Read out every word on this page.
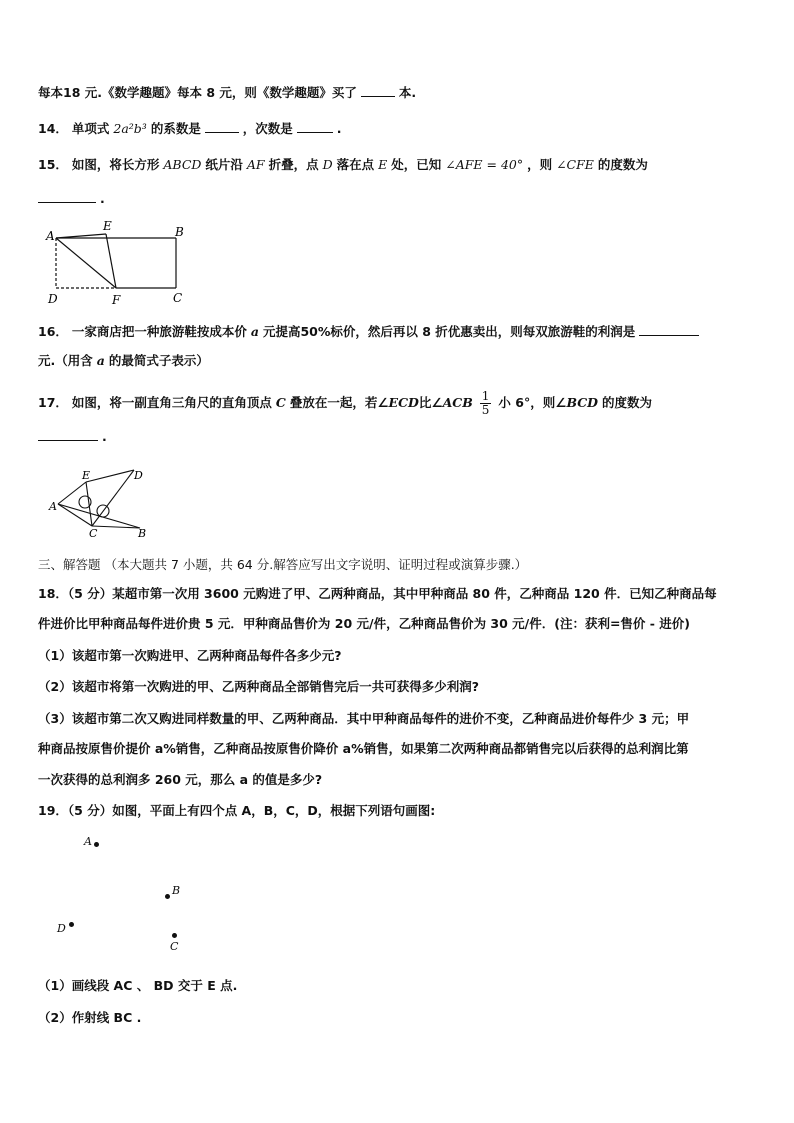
每本18 元.《数学趣题》每本 8 元，则《数学趣题》买了	本.
14． 单项式 2a²b³ 的系数是	，次数是	.
15． 如图，将长方形 ABCD 纸片沿 AF 折叠，点 D 落在点 E 处，已知 ∠AFE = 40° ，则 ∠CFE 的度数为
.
A
E	B
D	F	C
16． 一家商店把一种旅游鞋按成本价 a 元提高50%标价，然后再以 8 折优惠卖出，则每双旅游鞋的利润是
元.（用含 a 的最简式子表示）
17． 如图，将一副直角三角尺的直角顶点 C 叠放在一起，若∠ECD比∠ACB $\frac{1}{5}$ 小 6°，则∠BCD 的度数为
.
E	D
A
C	B
三、解答题 （本大题共 7 小题，共 64 分.解答应写出文字说明、证明过程或演算步骤.）
18．（5 分）某超市第一次用 3600 元购进了甲、乙两种商品，其中甲种商品 80 件，乙种商品 120 件．已知乙种商品每
件进价比甲种商品每件进价贵 5 元．甲种商品售价为 20 元/件，乙种商品售价为 30 元/件．(注：获利=售价 - 进价)
（1）该超市第一次购进甲、乙两种商品每件各多少元?
（2）该超市将第一次购进的甲、乙两种商品全部销售完后一共可获得多少利润?
（3）该超市第二次又购进同样数量的甲、乙两种商品．其中甲种商品每件的进价不变，乙种商品进价每件少 3 元；甲
种商品按原售价提价 a%销售，乙种商品按原售价降价 a%销售，如果第二次两种商品都销售完以后获得的总利润比第
一次获得的总利润多 260 元，那么 a 的值是多少?
19．（5 分）如图，平面上有四个点 A，B，C，D，根据下列语句画图:
A
B
D
C
（1）画线段 AC 、 BD 交于 E 点.
（2）作射线 BC .
